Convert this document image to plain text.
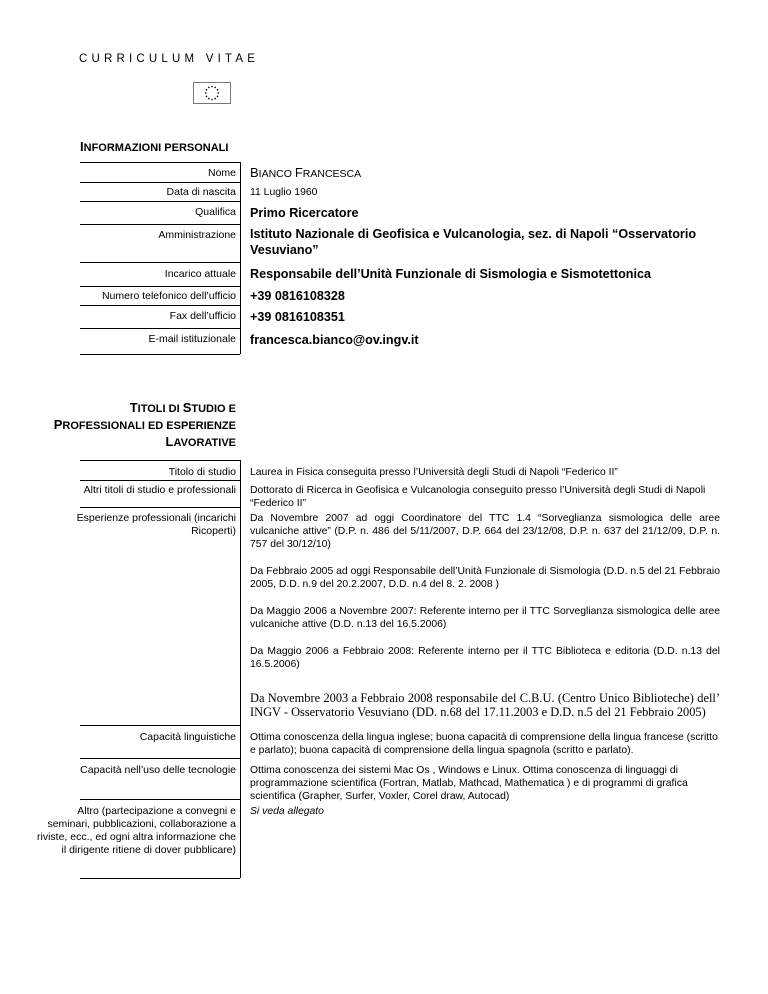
CURRICULUM VITAE
INFORMAZIONI PERSONALI
Nome BIANCO FRANCESCA
Data di nascita 11 Luglio 1960
Qualifica Primo Ricercatore
Amministrazione Istituto Nazionale di Geofisica e Vulcanologia, sez. di Napoli “Osservatorio Vesuviano”
Incarico attuale Responsabile dell’Unità Funzionale di Sismologia e Sismotettonica
Numero telefonico dell’ufficio +39 0816108328
Fax dell’ufficio +39 0816108351
E-mail istituzionale francesca.bianco@ov.ingv.it
TITOLI DI STUDIO E
PROFESSIONALI ED ESPERIENZE
LAVORATIVE
Titolo di studio Laurea in Fisica conseguita presso l’Università degli Studi di Napoli “Federico II”
Altri titoli di studio e professionali Dottorato di Ricerca in Geofisica e Vulcanologia conseguito presso l’Università degli Studi di Napoli “Federico II”
Esperienze professionali (incarichi Ricoperti)

Da Novembre 2007 ad oggi Coordinatore del TTC 1.4 “Sorveglianza sismologica delle aree vulcaniche attive” (D.P. n. 486 del 5/11/2007, D.P. 664 del 23/12/08, D.P. n. 637 del 21/12/09, D.P. n. 757 del 30/12/10)

Da Febbraio 2005 ad oggi Responsabile dell’Unità Funzionale di Sismologia (D.D. n.5 del 21 Febbraio 2005, D.D. n.9 del 20.2.2007, D.D. n.4 del 8. 2. 2008 )

Da Maggio 2006 a Novembre 2007: Referente interno per il TTC Sorveglianza sismologica delle aree vulcaniche attive (D.D. n.13 del 16.5.2006)

Da Maggio 2006 a Febbraio 2008: Referente interno per il TTC Biblioteca e editoria (D.D. n.13 del 16.5.2006)

Da Novembre 2003 a Febbraio 2008 responsabile del C.B.U. (Centro Unico Biblioteche) dell’ INGV - Osservatorio Vesuviano (DD. n.68 del 17.11.2003 e D.D. n.5 del 21 Febbraio 2005)

Capacità linguistiche Ottima conoscenza della lingua inglese; buona capacità di comprensione della lingua francese (scritto e parlato); buona capacità di comprensione della lingua spagnola (scritto e parlato).
Capacità nell’uso delle tecnologie Ottima conoscenza dei sistemi Mac Os , Windows e Linux. Ottima conoscenza di linguaggi di programmazione scientifica (Fortran, Matlab, Mathcad, Mathematica ) e di programmi di grafica scientifica (Grapher, Surfer, Voxler, Corel draw, Autocad)
Altro (partecipazione a convegni e seminari, pubblicazioni, collaborazione a riviste, ecc., ed ogni altra informazione che il dirigente ritiene di dover pubblicare)
Si veda allegato
